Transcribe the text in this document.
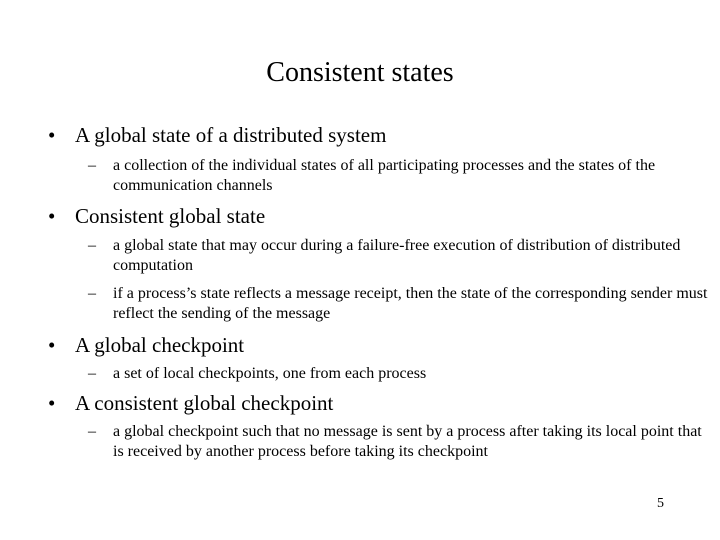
Consistent states
• A global state of a distributed system
– a collection of the individual states of all participating processes and the states of the communication channels
• Consistent global state
– a global state that may occur during a failure-free execution of distribution of distributed computation
– if a process’s state reflects a message receipt, then the state of the corresponding sender must reflect the sending of the message
• A global checkpoint
– a set of local checkpoints, one from each process
• A consistent global checkpoint
– a global checkpoint such that no message is sent by a process after taking its local point that is received by another process before taking its checkpoint
5
